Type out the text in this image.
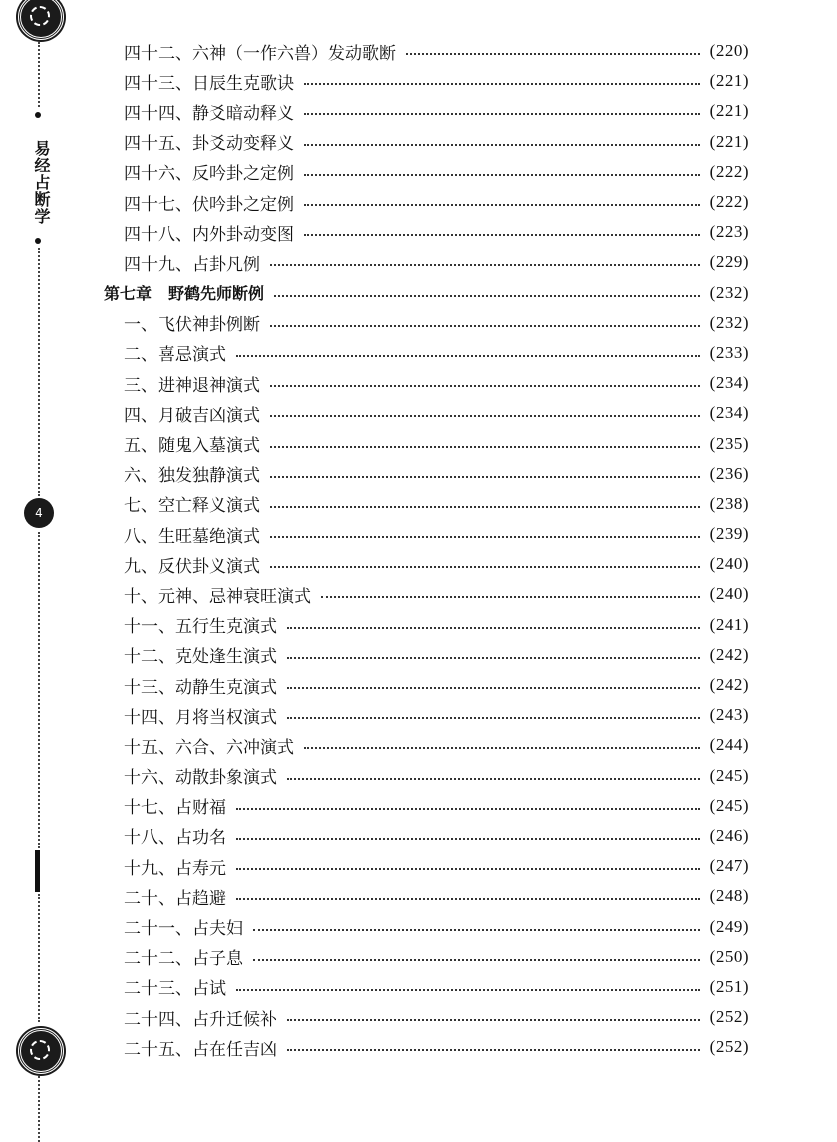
易经占断学
4
四十二、六神（一作六兽）发动歌断	(220)
四十三、日辰生克歌诀	(221)
四十四、静爻暗动释义	(221)
四十五、卦爻动变释义	(221)
四十六、反吟卦之定例	(222)
四十七、伏吟卦之定例	(222)
四十八、内外卦动变图	(223)
四十九、占卦凡例	(229)
第七章　野鹤先师断例	(232)
一、飞伏神卦例断	(232)
二、喜忌演式	(233)
三、进神退神演式	(234)
四、月破吉凶演式	(234)
五、随鬼入墓演式	(235)
六、独发独静演式	(236)
七、空亡释义演式	(238)
八、生旺墓绝演式	(239)
九、反伏卦义演式	(240)
十、元神、忌神衰旺演式	(240)
十一、五行生克演式	(241)
十二、克处逢生演式	(242)
十三、动静生克演式	(242)
十四、月将当权演式	(243)
十五、六合、六冲演式	(244)
十六、动散卦象演式	(245)
十七、占财福	(245)
十八、占功名	(246)
十九、占寿元	(247)
二十、占趋避	(248)
二十一、占夫妇	(249)
二十二、占子息	(250)
二十三、占试	(251)
二十四、占升迁候补	(252)
二十五、占在任吉凶	(252)
